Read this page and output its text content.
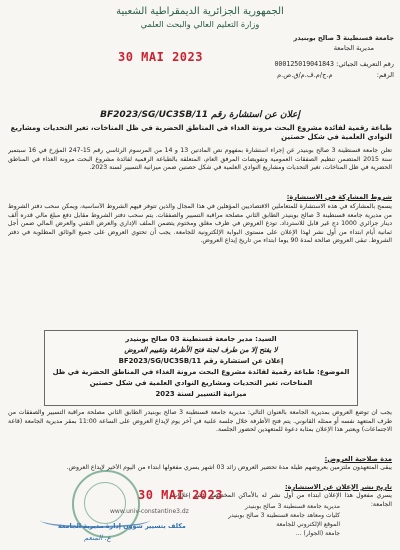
الجمهورية الجزائرية الديمقراطية الشعبية
وزارة التعليم العالي والبحث العلمي
جامعة قسنطينة 3 صالح بوبنيدر
مديرية الجامعة
30 MAI 2023	رقم التعريف الجبائي: 000125019041843
الرقم:  م.ج/م.ف.م/ق.ص.م
إعلان عن استشارة رقم BF2023/SG/UC3SB/11
طباعة رقمية لفائدة مشروع البحث مرونة الغذاء في المناطق الحضرية في ظل المناخات، تغير التحديات ومشاريع النوادي العلمية في شكل حصتين
تعلن جامعة قسنطينة 3 صالح بوبنيدر عن إجراء استشارة بمفهوم نص المادتين 13 و 14 من المرسوم الرئاسي رقم 15-247 المؤرخ في 16 سبتمبر سنة 2015 المتضمن تنظيم الصفقات العمومية وتفويضات المرفق العام، المتعلقة بالطباعة الرقمية لفائدة مشروع البحث مرونة الغذاء في المناطق الحضرية في ظل المناخات، تغير التحديات ومشاريع النوادي العلمية في شكل حصتين ضمن ميزانية التسيير لسنة 2023.
شروط المشاركة في الاستشارة:
يسمح بالمشاركة في هذه الاستشارة للمتعاملين الاقتصاديين المؤهلين في هذا المجال والذين تتوفر فيهم الشروط الأساسية، ويمكن سحب دفتر الشروط من مديرية جامعة قسنطينة 3 صالح بوبنيدر الطابق الثاني مصلحة مراقبة التسيير والصفقات. يتم سحب دفتر الشروط مقابل دفع مبلغ مالي قدره ألف دينار جزائري 1000 دج غير قابل للاسترداد. تودع العروض في ظرف مغلق ومختوم يتضمن الملف الإداري والعرض التقني والعرض المالي ضمن أجل ثمانية أيام ابتداء من أول نشر لهذا الإعلان على مستوى البوابة الإلكترونية للجامعة. يجب أن تحتوي العروض على جميع الوثائق المطلوبة في دفتر الشروط. تبقى العروض صالحة لمدة 90 يوما ابتداء من تاريخ إيداع العروض.
السيد: مدير جامعة قسنطينة 03 صالح بوبنيدر
لا يفتح إلا من طرف لجنة فتح الأظرفة وتقييم العروض
إعلان عن استشارة رقم BF2023/SG/UC3SB/11
الموضوع: طباعة رقمية لفائدة مشروع البحث مرونة الغذاء في المناطق الحضرية في ظل
المناخات، تغير التحديات ومشاريع النوادي العلمية في شكل حصتين
ميزانية التسيير لسنة 2023
يجب أن توضع العروض بمديرية الجامعة بالعنوان التالي: مديرية جامعة قسنطينة 3 صالح بوبنيدر الطابق الثاني مصلحة مراقبة التسيير والصفقات من طرف المتعهد نفسه أو ممثله القانوني. يتم فتح الأظرفة خلال جلسة علنية في آخر يوم لإيداع العروض على الساعة 11:00 بمقر مديرية الجامعة (قاعة الاجتماعات) ويعتبر هذا الإعلان بمثابة دعوة للمتعهدين لحضور الجلسة.
مدة صلاحية العروض:
يبقى المتعهدون ملتزمين بعروضهم طيلة مدة تحضير العروض زائد 03 أشهر يسري مفعولها ابتداء من اليوم الأخير لإيداع العروض.
تاريخ نشر الإعلان عن الاستشارة:
يسري مفعول هذا الإعلان ابتداء من أول نشر له بالأماكن المخصصة لنشر إعلانات الجامعة:
مديرية جامعة قسنطينة 3 صالح بوبنيدر
كليات ومعاهد جامعة قسنطينة 3 صالح بوبنيدر
الموقع الإلكتروني للجامعة
جامعة (الجوار) ...
30 MAI 2023
www.univ-constantine3.dz
مكلف بتسيير شؤون إدارة مديرية الجامعة
ع. المنعم
